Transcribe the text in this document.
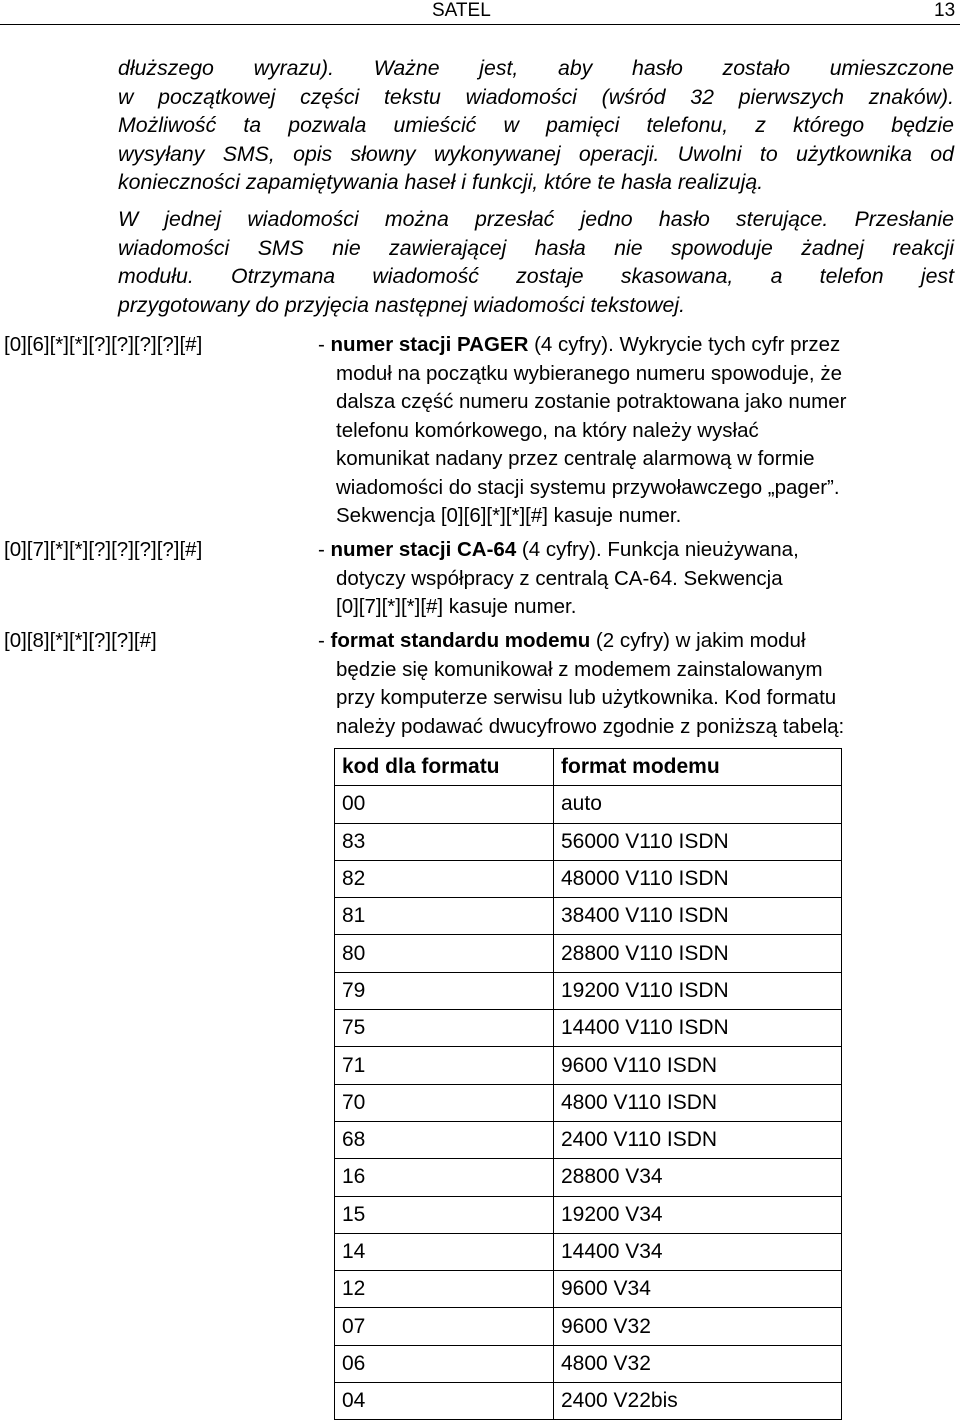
SATEL	13
dłuższego wyrazu). Ważne jest, aby hasło zostało umieszczone
w początkowej części tekstu wiadomości (wśród 32 pierwszych znaków).
Możliwość ta pozwala umieścić w pamięci telefonu, z którego będzie
wysyłany SMS, opis słowny wykonywanej operacji. Uwolni to użytkownika od
konieczności zapamiętywania haseł i funkcji, które te hasła realizują.
W jednej wiadomości można przesłać jedno hasło sterujące. Przesłanie
wiadomości SMS nie zawierającej hasła nie spowoduje żadnej reakcji
modułu. Otrzymana wiadomość zostaje skasowana, a telefon jest
przygotowany do przyjęcia następnej wiadomości tekstowej.
[0][6][*][*][?][?][?][?][#]	- numer stacji PAGER (4 cyfry). Wykrycie tych cyfr przez
moduł na początku wybieranego numeru spowoduje, że
dalsza część numeru zostanie potraktowana jako numer
telefonu komórkowego, na który należy wysłać
komunikat nadany przez centralę alarmową w formie
wiadomości do stacji systemu przywoławczego „pager”.
Sekwencja [0][6][*][*][#] kasuje numer.
[0][7][*][*][?][?][?][?][#]	- numer stacji CA-64 (4 cyfry). Funkcja nieużywana,
dotyczy współpracy z centralą CA-64. Sekwencja
[0][7][*][*][#] kasuje numer.
[0][8][*][*][?][?][#]	- format standardu modemu (2 cyfry) w jakim moduł
będzie się komunikował z modemem zainstalowanym
przy komputerze serwisu lub użytkownika. Kod formatu
należy podawać dwucyfrowo zgodnie z poniższą tabelą:
kod dla formatu	format modemu
00	auto
83	56000 V110 ISDN
82	48000 V110 ISDN
81	38400 V110 ISDN
80	28800 V110 ISDN
79	19200 V110 ISDN
75	14400 V110 ISDN
71	9600 V110 ISDN
70	4800 V110 ISDN
68	2400 V110 ISDN
16	28800 V34
15	19200 V34
14	14400 V34
12	9600 V34
07	9600 V32
06	4800 V32
04	2400 V22bis
